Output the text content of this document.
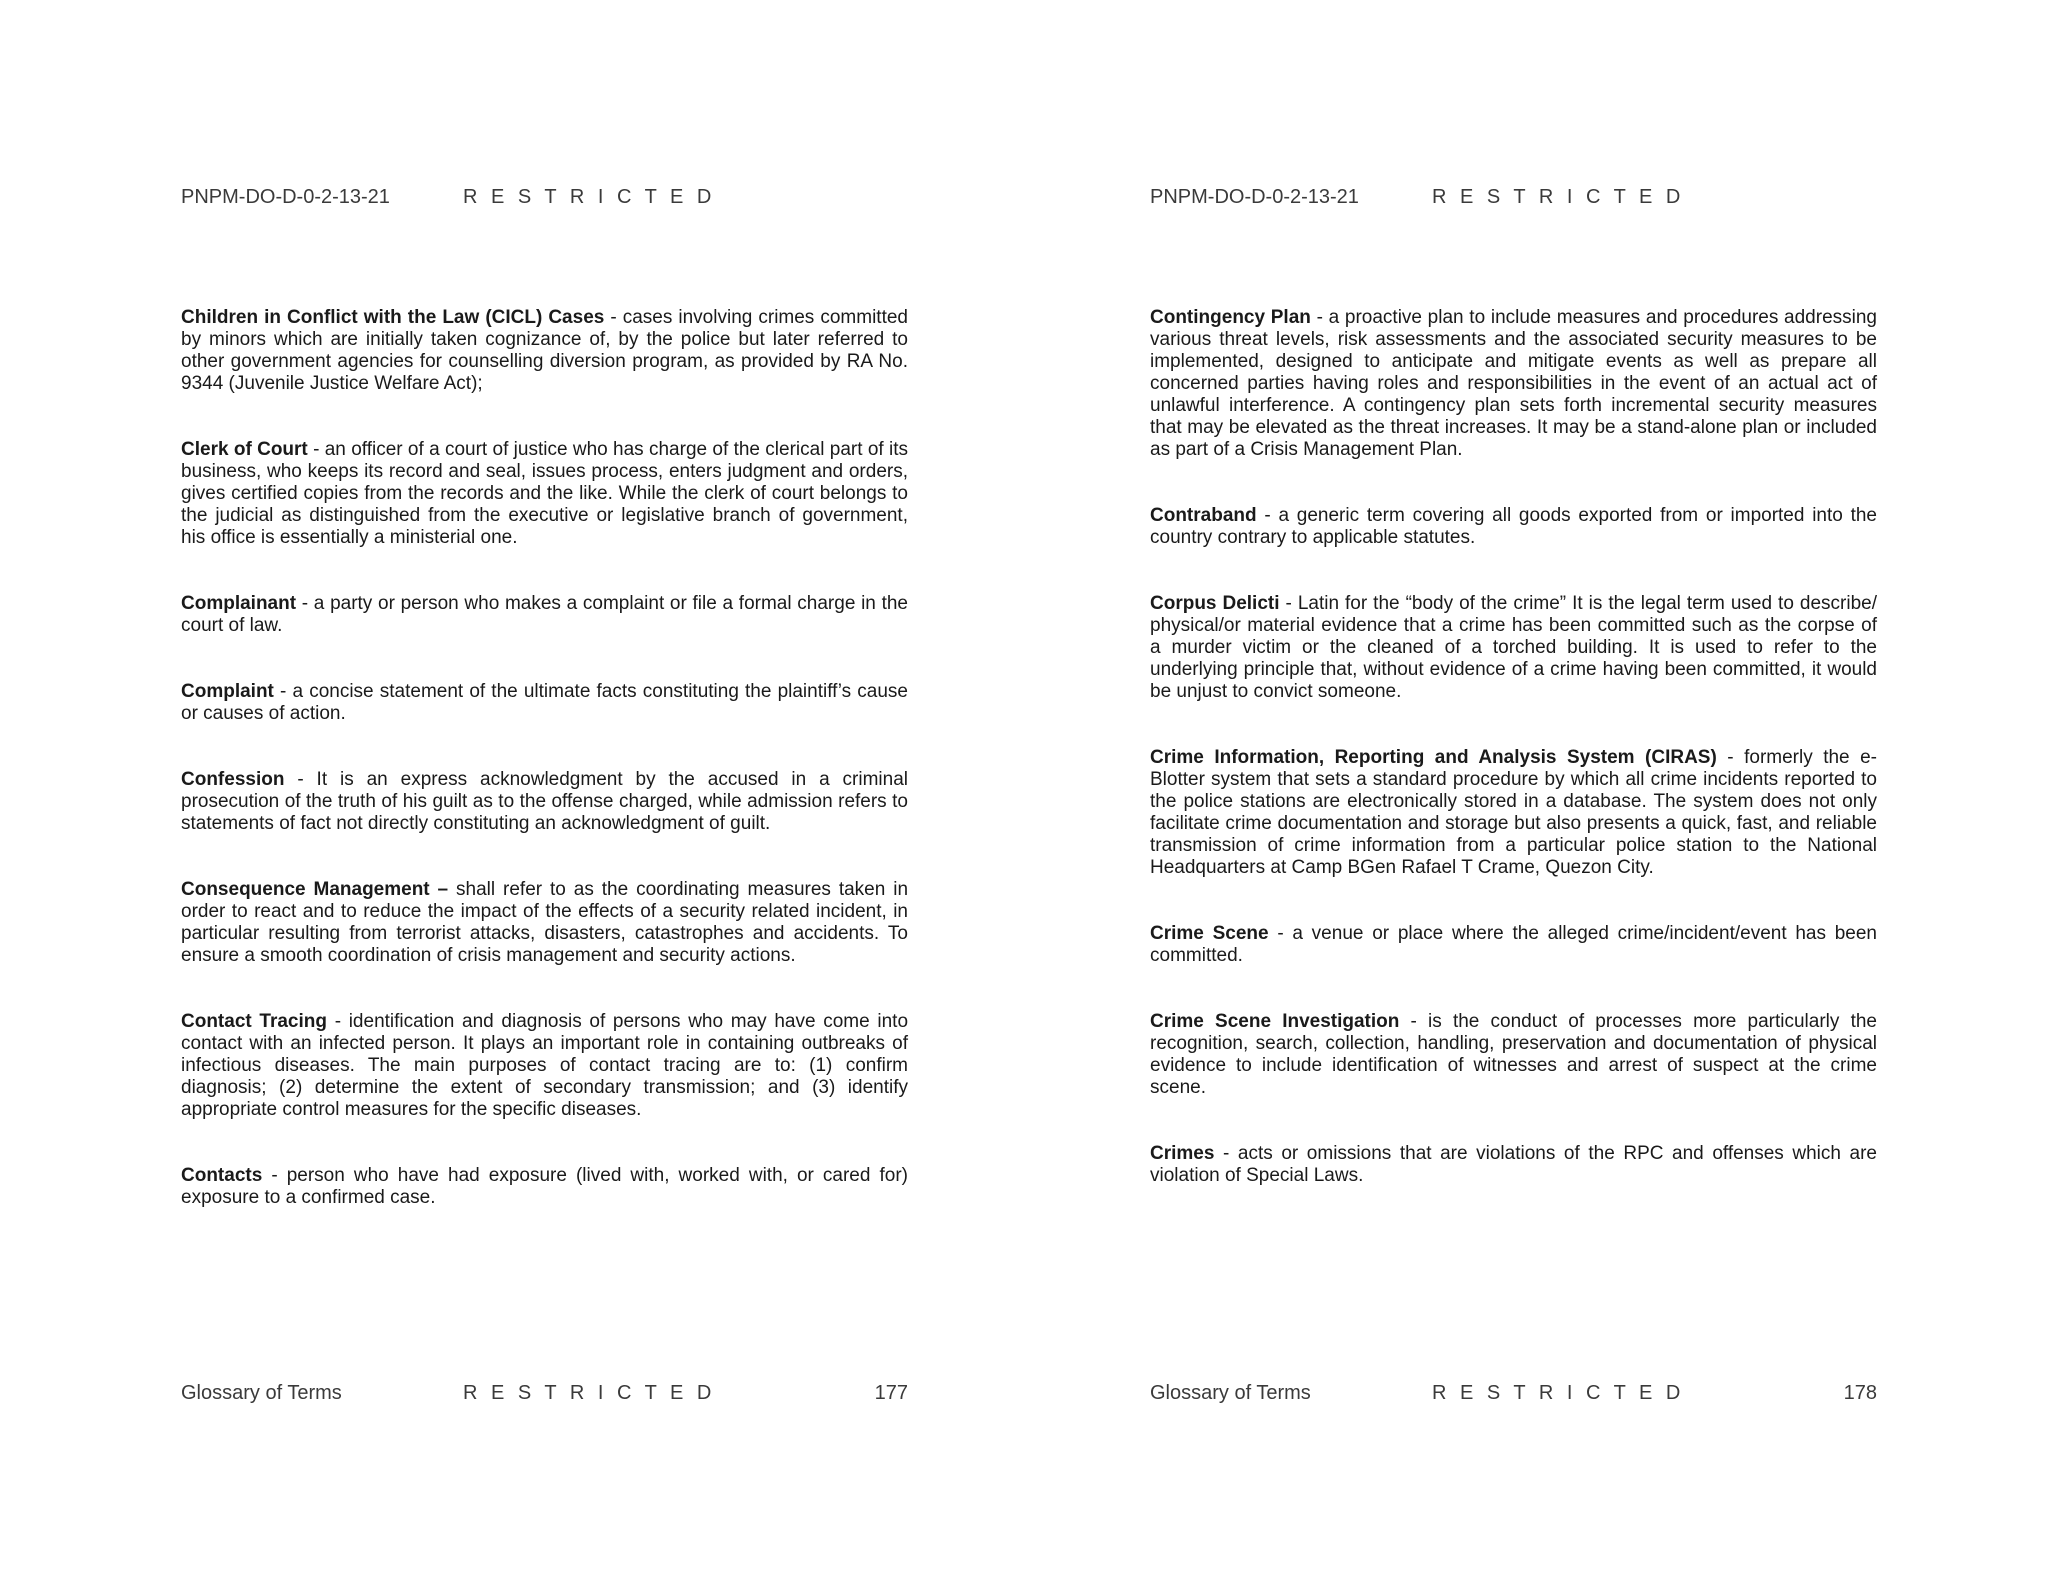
PNPM-DO-D-0-2-13-21	R E S T R I C T E D

Children in Conflict with the Law (CICL) Cases - cases involving crimes committed by minors which are initially taken cognizance of, by the police but later referred to other government agencies for counselling diversion program, as provided by RA No. 9344 (Juvenile Justice Welfare Act);

Clerk of Court - an officer of a court of justice who has charge of the clerical part of its business, who keeps its record and seal, issues process, enters judgment and orders, gives certified copies from the records and the like. While the clerk of court belongs to the judicial as distinguished from the executive or legislative branch of government, his office is essentially a ministerial one.

Complainant - a party or person who makes a complaint or file a formal charge in the court of law.

Complaint - a concise statement of the ultimate facts constituting the plaintiff’s cause or causes of action.

Confession - It is an express acknowledgment by the accused in a criminal prosecution of the truth of his guilt as to the offense charged, while admission refers to statements of fact not directly constituting an acknowledgment of guilt.

Consequence Management – shall refer to as the coordinating measures taken in order to react and to reduce the impact of the effects of a security related incident, in particular resulting from terrorist attacks, disasters, catastrophes and accidents. To ensure a smooth coordination of crisis management and security actions.

Contact Tracing - identification and diagnosis of persons who may have come into contact with an infected person. It plays an important role in containing outbreaks of infectious diseases. The main purposes of contact tracing are to: (1) confirm diagnosis; (2) determine the extent of secondary transmission; and (3) identify appropriate control measures for the specific diseases.

Contacts - person who have had exposure (lived with, worked with, or cared for) exposure to a confirmed case.

Glossary of Terms	R E S T R I C T E D	177
PNPM-DO-D-0-2-13-21	R E S T R I C T E D

Contingency Plan - a proactive plan to include measures and procedures addressing various threat levels, risk assessments and the associated security measures to be implemented, designed to anticipate and mitigate events as well as prepare all concerned parties having roles and responsibilities in the event of an actual act of unlawful interference. A contingency plan sets forth incremental security measures that may be elevated as the threat increases. It may be a stand-alone plan or included as part of a Crisis Management Plan.

Contraband - a generic term covering all goods exported from or imported into the country contrary to applicable statutes.

Corpus Delicti - Latin for the “body of the crime” It is the legal term used to describe/ physical/or material evidence that a crime has been committed such as the corpse of a murder victim or the cleaned of a torched building. It is used to refer to the underlying principle that, without evidence of a crime having been committed, it would be unjust to convict someone.

Crime Information, Reporting and Analysis System (CIRAS) - formerly the e- Blotter system that sets a standard procedure by which all crime incidents reported to the police stations are electronically stored in a database. The system does not only facilitate crime documentation and storage but also presents a quick, fast, and reliable transmission of crime information from a particular police station to the National Headquarters at Camp BGen Rafael T Crame, Quezon City.

Crime Scene - a venue or place where the alleged crime/incident/event has been committed.

Crime Scene Investigation - is the conduct of processes more particularly the recognition, search, collection, handling, preservation and documentation of physical evidence to include identification of witnesses and arrest of suspect at the crime scene.

Crimes - acts or omissions that are violations of the RPC and offenses which are violation of Special Laws.

Glossary of Terms	R E S T R I C T E D	178
